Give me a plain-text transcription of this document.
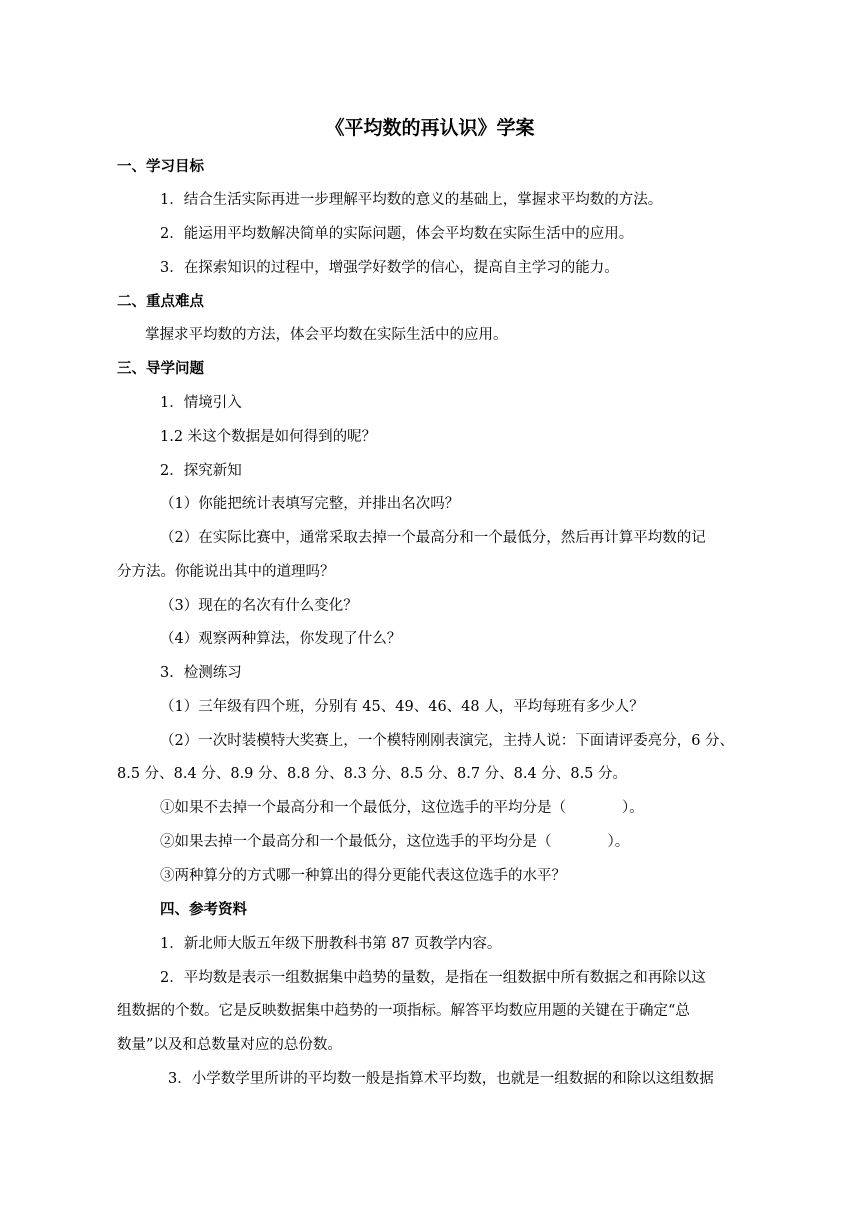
《平均数的再认识》学案
一、学习目标
1．结合生活实际再进一步理解平均数的意义的基础上，掌握求平均数的方法。
2．能运用平均数解决简单的实际问题，体会平均数在实际生活中的应用。
3．在探索知识的过程中，增强学好数学的信心，提高自主学习的能力。
二、重点难点
掌握求平均数的方法，体会平均数在实际生活中的应用。
三、导学问题
1．情境引入
1.2 米这个数据是如何得到的呢？
2．探究新知
（1）你能把统计表填写完整，并排出名次吗？
（2）在实际比赛中，通常采取去掉一个最高分和一个最低分，然后再计算平均数的记
分方法。你能说出其中的道理吗？
（3）现在的名次有什么变化？
（4）观察两种算法，你发现了什么？
3．检测练习
（1）三年级有四个班，分别有 45、49、46、48 人，平均每班有多少人？
（2）一次时装模特大奖赛上，一个模特刚刚表演完，主持人说：下面请评委亮分，6 分、
8.5 分、8.4 分、8.9 分、8.8 分、8.3 分、8.5 分、8.7 分、8.4 分、8.5 分。
①如果不去掉一个最高分和一个最低分，这位选手的平均分是（	）。
②如果去掉一个最高分和一个最低分，这位选手的平均分是（	）。
③两种算分的方式哪一种算出的得分更能代表这位选手的水平？
四、参考资料
1．新北师大版五年级下册教科书第 87 页教学内容。
2．平均数是表示一组数据集中趋势的量数，是指在一组数据中所有数据之和再除以这
组数据的个数。它是反映数据集中趋势的一项指标。解答平均数应用题的关键在于确定“总
数量”以及和总数量对应的总份数。
3．小学数学里所讲的平均数一般是指算术平均数，也就是一组数据的和除以这组数据
